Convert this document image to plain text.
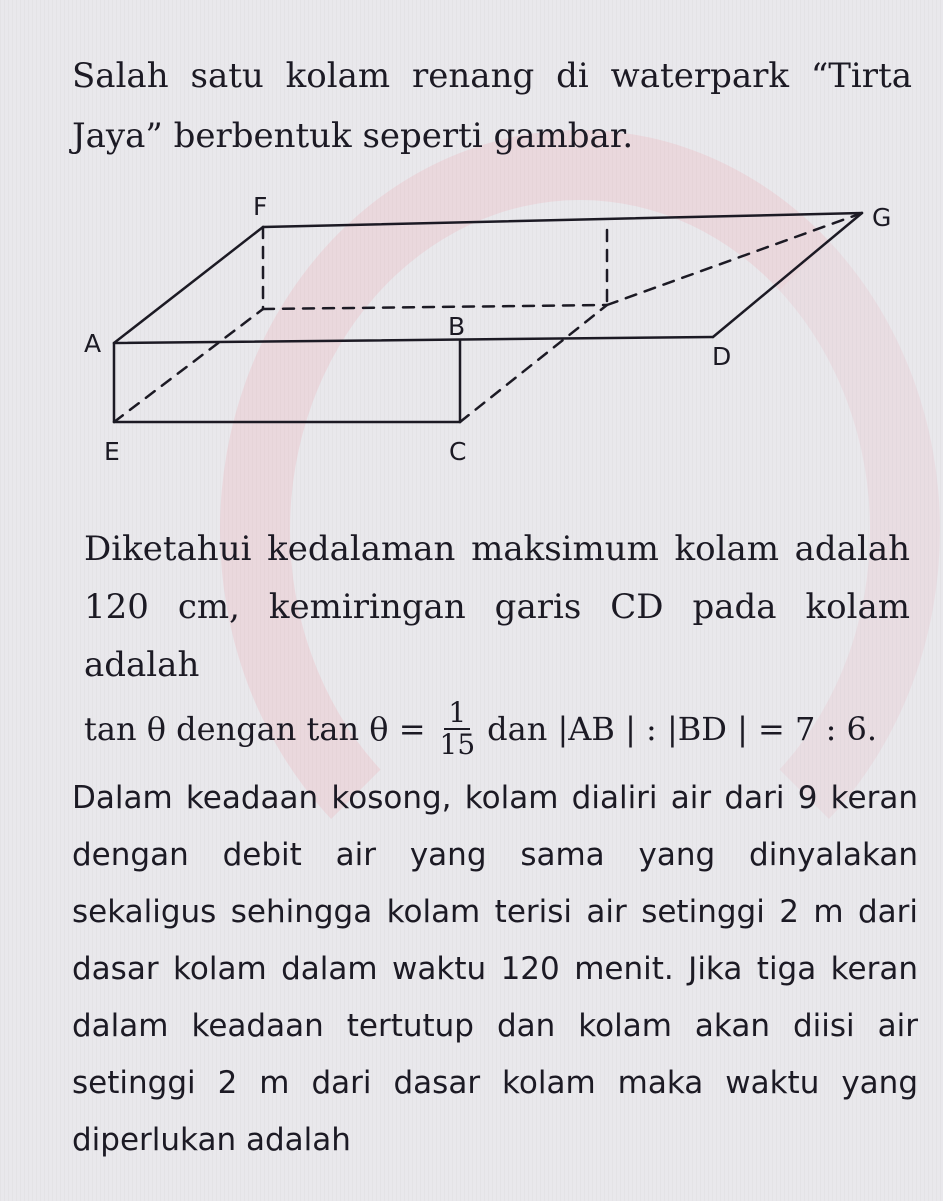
Salah satu kolam renang di waterpark “Tirta Jaya” berbentuk seperti gambar.
F	G
A
B
D
E	C
Diketahui kedalaman maksimum kolam adalah 120 cm, kemiringan garis CD pada kolam adalah
tan θ dengan $\tan \theta = \frac{1}{15}$ dan |AB | : |BD | = 7 : 6.
Dalam keadaan kosong, kolam dialiri air dari 9 keran dengan debit air yang sama yang dinyalakan sekaligus sehingga kolam terisi air setinggi 2 m dari dasar kolam dalam waktu 120 menit. Jika tiga keran dalam keadaan tertutup dan kolam akan diisi air setinggi 2 m dari dasar kolam maka waktu yang diperlukan adalah
